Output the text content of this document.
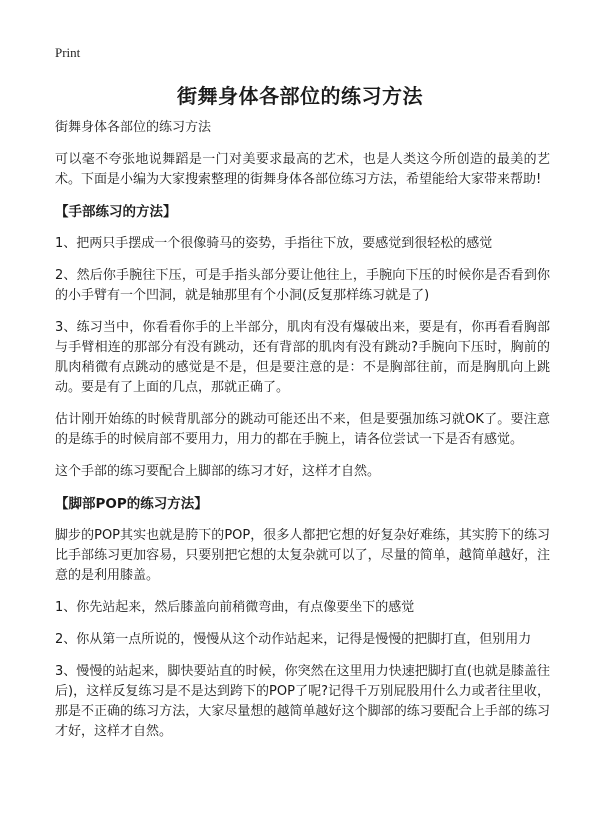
Print
街舞身体各部位的练习方法

街舞身体各部位的练习方法

可以毫不夸张地说舞蹈是一门对美要求最高的艺术，也是人类这今所创造的最美的艺术。下面是小编为大家搜索整理的街舞身体各部位练习方法，希望能给大家带来帮助!

【手部练习的方法】

1、把两只手摆成一个很像骑马的姿势，手指往下放，要感觉到很轻松的感觉

2、然后你手腕往下压，可是手指头部分要让他往上，手腕向下压的时候你是否看到你的小手臂有一个凹洞，就是轴那里有个小洞(反复那样练习就是了)

3、练习当中，你看看你手的上半部分，肌肉有没有爆破出来，要是有，你再看看胸部与手臂相连的那部分有没有跳动，还有背部的肌肉有没有跳动?手腕向下压时，胸前的肌肉稍微有点跳动的感觉是不是，但是要注意的是：不是胸部往前，而是胸肌向上跳动。要是有了上面的几点，那就正确了。

估计刚开始练的时候背肌部分的跳动可能还出不来，但是要强加练习就OK了。要注意的是练手的时候肩部不要用力，用力的都在手腕上，请各位尝试一下是否有感觉。

这个手部的练习要配合上脚部的练习才好，这样才自然。

【脚部POP的练习方法】

脚步的POP其实也就是胯下的POP，很多人都把它想的好复杂好难练，其实胯下的练习比手部练习更加容易，只要别把它想的太复杂就可以了，尽量的简单，越简单越好，注意的是利用膝盖。

1、你先站起来，然后膝盖向前稍微弯曲，有点像要坐下的感觉

2、你从第一点所说的，慢慢从这个动作站起来，记得是慢慢的把脚打直，但别用力

3、慢慢的站起来，脚快要站直的时候，你突然在这里用力快速把脚打直(也就是膝盖往后)，这样反复练习是不是达到跨下的POP了呢?记得千万别屁股用什么力或者往里收，那是不正确的练习方法，大家尽量想的越简单越好这个脚部的练习要配合上手部的练习才好，这样才自然。
